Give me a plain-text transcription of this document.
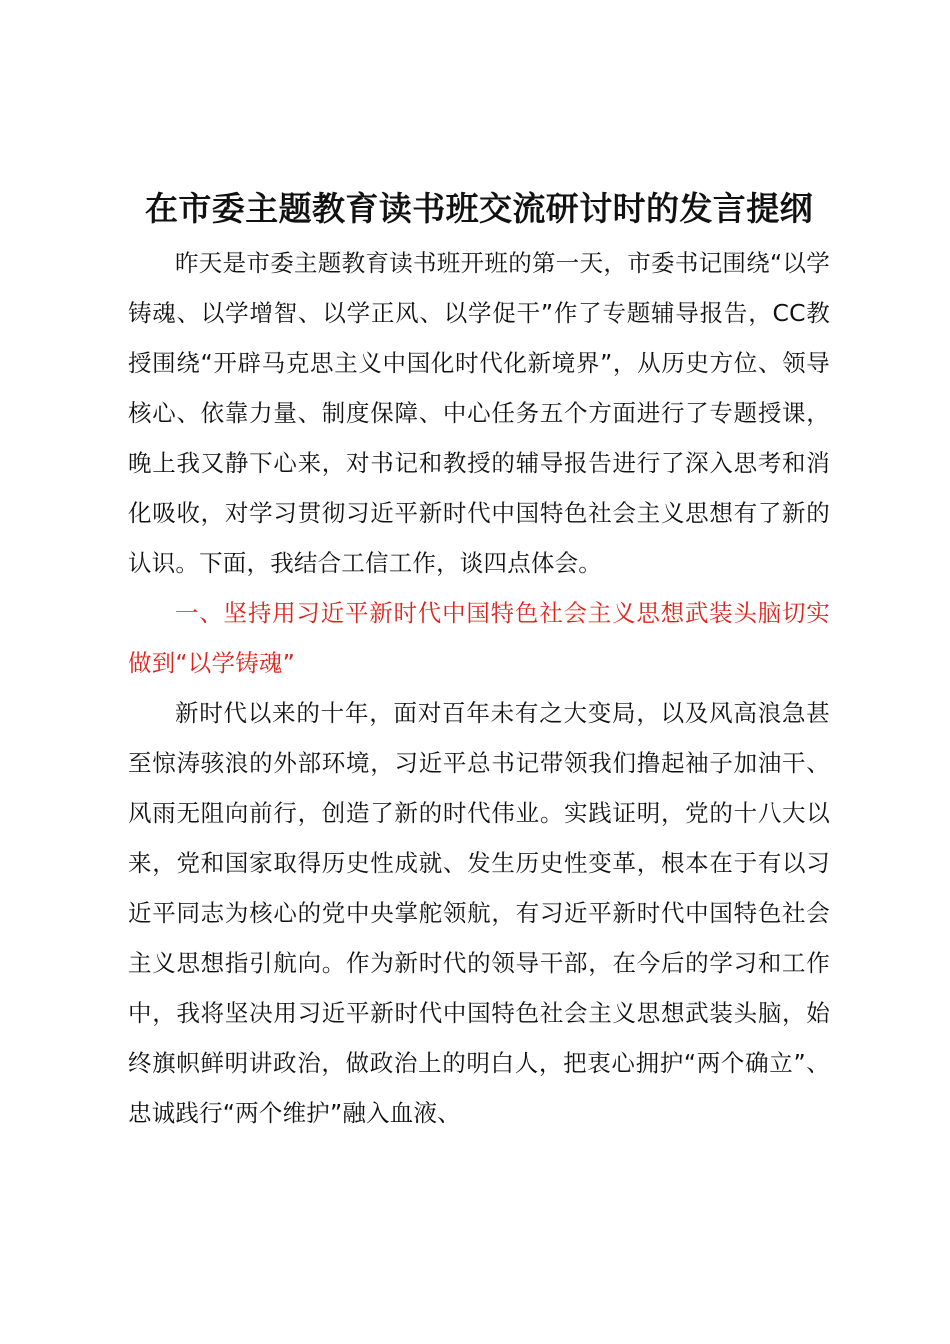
在市委主题教育读书班交流研讨时的发言提纲

昨天是市委主题教育读书班开班的第一天，市委书记围绕“以学铸魂、以学增智、以学正风、以学促干”作了专题辅导报告，CC教授围绕“开辟马克思主义中国化时代化新境界”，从历史方位、领导核心、依靠力量、制度保障、中心任务五个方面进行了专题授课，晚上我又静下心来，对书记和教授的辅导报告进行了深入思考和消化吸收，对学习贯彻习近平新时代中国特色社会主义思想有了新的认识。下面，我结合工信工作，谈四点体会。

一、坚持用习近平新时代中国特色社会主义思想武装头脑切实做到“以学铸魂”

新时代以来的十年，面对百年未有之大变局，以及风高浪急甚至惊涛骇浪的外部环境，习近平总书记带领我们撸起袖子加油干、风雨无阻向前行，创造了新的时代伟业。实践证明，党的十八大以来，党和国家取得历史性成就、发生历史性变革，根本在于有以习近平同志为核心的党中央掌舵领航，有习近平新时代中国特色社会主义思想指引航向。作为新时代的领导干部，在今后的学习和工作中，我将坚决用习近平新时代中国特色社会主义思想武装头脑，始终旗帜鲜明讲政治，做政治上的明白人，把衷心拥护“两个确立”、忠诚践行“两个维护”融入血液、
